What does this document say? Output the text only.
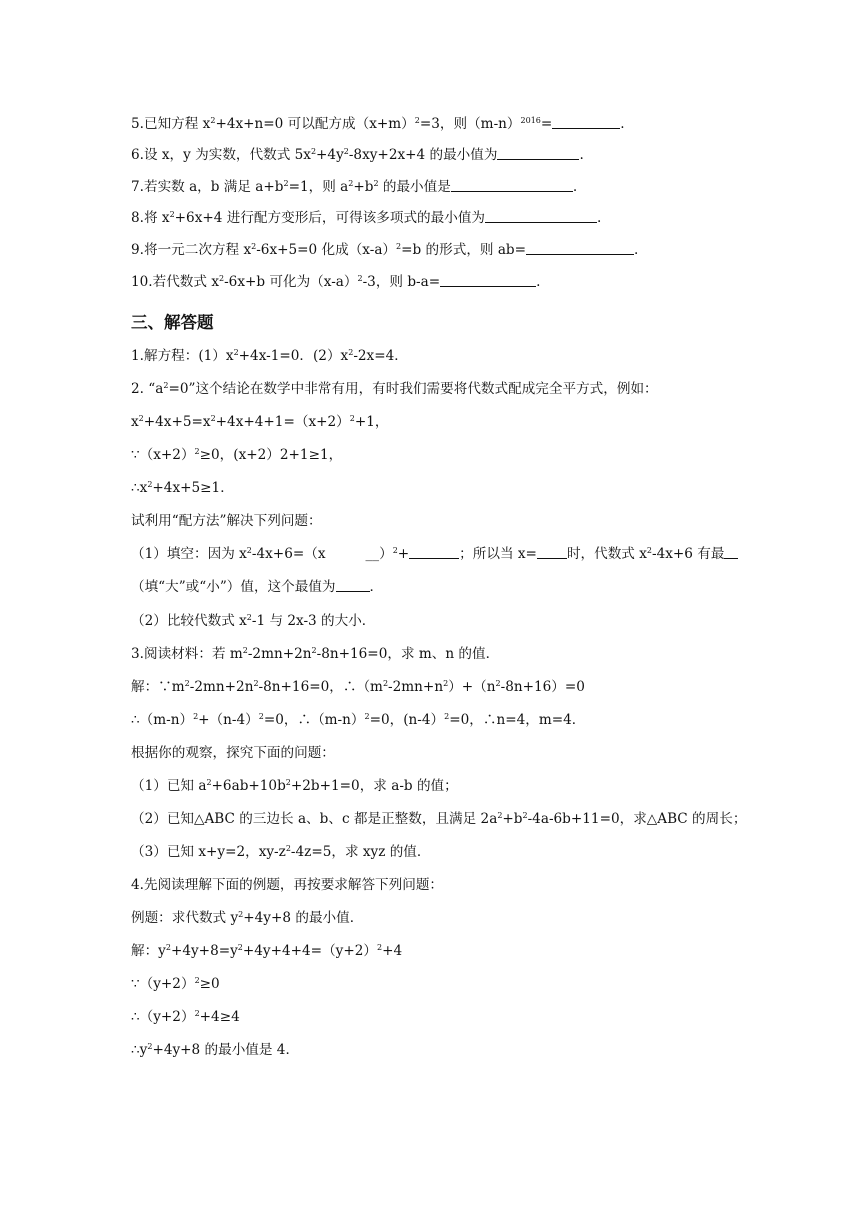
5.已知方程 $x^2+4x+n=0$ 可以配方成$(x+m)^2=3$，则$(m-n)^{2016}=$	.
6.设 x，y 为实数，代数式 $5x^2+4y^2-8xy+2x+4$ 的最小值为	.
7.若实数 a，b 满足 $a+b^2=1$，则 $a^2+b^2$ 的最小值是	.
8.将 $x^2+6x+4$ 进行配方变形后，可得该多项式的最小值为	.
9.将一元二次方程 $x^2-6x+5=0$ 化成$(x-a)^2=b$ 的形式，则 ab=	.
10.若代数式 $x^2-6x+b$ 可化为$(x-a)^2-3$，则 b-a=	.
三、解答题
1.解方程：$(1)x^2+4x-1=0$．$(2)x^2-2x=4$．
2. “$a^2=0$”这个结论在数学中非常有用，有时我们需要将代数式配成完全平方式，例如：
$x^2+4x+5=x^2+4x+4+1=(x+2)^2+1$，
$\because(x+2)^2\ge 0$，(x+2）2+1≥1，
$\therefore x^2+4x+5\ge 1$．
试利用“配方法”解决下列问题：
（1）填空：因为 $x^2-4x+6=(x$	__）$^2$+	；所以当 x= 时，代数式 $x^2-4x+6$ 有最
（填“大”或“小”）值，这个最值为	．
（2）比较代数式 $x^2-1$ 与 2x-3 的大小．
3.阅读材料：若 $m^2-2mn+2n^2-8n+16=0$，求 m、n 的值．
解：$\because m^2-2mn+2n^2-8n+16=0$，$\therefore(m^2-2mn+n^2)+(n^2-8n+16)=0$
$\therefore(m-n)^2+(n-4)^2=0$，$\therefore(m-n)^2=0$，(n-4）$^2$=0，∴n=4，m=4．
根据你的观察，探究下面的问题：
（1）已知 $a^2+6ab+10b^2+2b+1=0$，求 a-b 的值；
（2）已知△ABC 的三边长 a、b、c 都是正整数，且满足 $2a^2+b^2-4a-6b+11=0$，求△ABC 的周长；
（3）已知 x+y=2，$xy-z^2-4z=5$，求 xyz 的值．
4.先阅读理解下面的例题，再按要求解答下列问题：
例题：求代数式 $y^2+4y+8$ 的最小值．
解：$y^2+4y+8=y^2+4y+4+4=(y+2)^2+4$
$\because(y+2)^2\ge 0$
$\therefore(y+2)^2+4\ge 4$
$\therefore y^2+4y+8$ 的最小值是 4．
